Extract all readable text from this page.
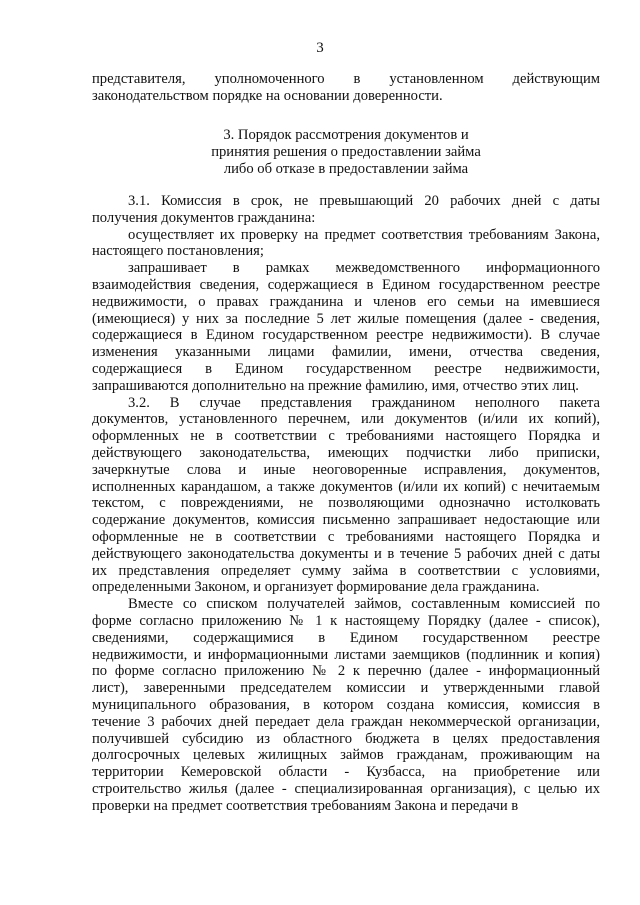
3
представителя, уполномоченного в установленном действующим
законодательством порядке на основании доверенности.
3. Порядок рассмотрения документов и
принятия решения о предоставлении займа
либо об отказе в предоставлении займа
3.1. Комиссия в срок, не превышающий 20 рабочих дней с даты
получения документов гражданина:
осуществляет их проверку на предмет соответствия требованиям Закона,
настоящего постановления;
запрашивает в рамках межведомственного информационного
взаимодействия сведения, содержащиеся в Едином государственном реестре
недвижимости, о правах гражданина и членов его семьи на имевшиеся
(имеющиеся) у них за последние 5 лет жилые помещения (далее - сведения,
содержащиеся в Едином государственном реестре недвижимости). В случае
изменения указанными лицами фамилии, имени, отчества сведения,
содержащиеся в Едином государственном реестре недвижимости,
запрашиваются дополнительно на прежние фамилию, имя, отчество этих лиц.
3.2. В случае представления гражданином неполного пакета
документов, установленного перечнем, или документов (и/или их копий),
оформленных не в соответствии с требованиями настоящего Порядка и
действующего законодательства, имеющих подчистки либо приписки,
зачеркнутые слова и иные неоговоренные исправления, документов,
исполненных карандашом, а также документов (и/или их копий) с нечитаемым
текстом, с повреждениями, не позволяющими однозначно истолковать
содержание документов, комиссия письменно запрашивает недостающие или
оформленные не в соответствии с требованиями настоящего Порядка и
действующего законодательства документы и в течение 5 рабочих дней с даты
их представления определяет сумму займа в соответствии с условиями,
определенными Законом, и организует формирование дела гражданина.
Вместе со списком получателей займов, составленным комиссией по
форме согласно приложению № 1 к настоящему Порядку (далее - список),
сведениями, содержащимися в Едином государственном реестре
недвижимости, и информационными листами заемщиков (подлинник и копия)
по форме согласно приложению № 2 к перечню (далее - информационный
лист), заверенными председателем комиссии и утвержденными главой
муниципального образования, в котором создана комиссия, комиссия в
течение 3 рабочих дней передает дела граждан некоммерческой организации,
получившей субсидию из областного бюджета в целях предоставления
долгосрочных целевых жилищных займов гражданам, проживающим на
территории Кемеровской области - Кузбасса, на приобретение или
строительство жилья (далее - специализированная организация), с целью их
проверки на предмет соответствия требованиям Закона и передачи в
